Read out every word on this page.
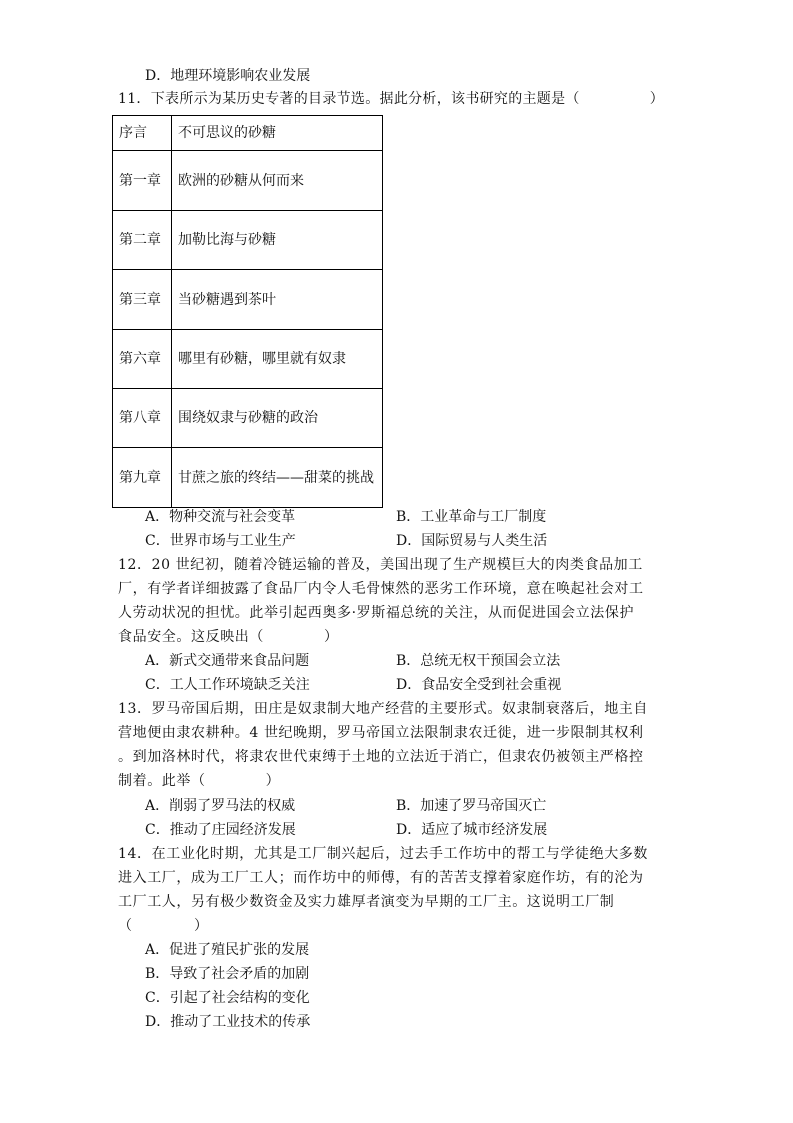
D．地理环境影响农业发展
11．下表所示为某历史专著的目录节选。据此分析，该书研究的主题是（	）
序言	不可思议的砂糖
第一章	欧洲的砂糖从何而来
第二章	加勒比海与砂糖
第三章	当砂糖遇到茶叶
第六章	哪里有砂糖，哪里就有奴隶
第八章	围绕奴隶与砂糖的政治
第九章	甘蔗之旅的终结——甜菜的挑战
A．物种交流与社会变革	B．工业革命与工厂制度
C．世界市场与工业生产	D．国际贸易与人类生活
12．20 世纪初，随着冷链运输的普及，美国出现了生产规模巨大的肉类食品加工
厂，有学者详细披露了食品厂内令人毛骨悚然的恶劣工作环境，意在唤起社会对工
人劳动状况的担忧。此举引起西奥多·罗斯福总统的关注，从而促进国会立法保护
食品安全。这反映出（	）
A．新式交通带来食品问题	B．总统无权干预国会立法
C．工人工作环境缺乏关注	D．食品安全受到社会重视
13．罗马帝国后期，田庄是奴隶制大地产经营的主要形式。奴隶制衰落后，地主自
营地便由隶农耕种。4 世纪晚期，罗马帝国立法限制隶农迁徙，进一步限制其权利
。到加洛林时代，将隶农世代束缚于土地的立法近于消亡，但隶农仍被领主严格控
制着。此举（	）
A．削弱了罗马法的权威	B．加速了罗马帝国灭亡
C．推动了庄园经济发展	D．适应了城市经济发展
14．在工业化时期，尤其是工厂制兴起后，过去手工作坊中的帮工与学徒绝大多数
进入工厂，成为工厂工人；而作坊中的师傅，有的苦苦支撑着家庭作坊，有的沦为
工厂工人，另有极少数资金及实力雄厚者演变为早期的工厂主。这说明工厂制
（	）
A．促进了殖民扩张的发展
B．导致了社会矛盾的加剧
C．引起了社会结构的变化
D．推动了工业技术的传承
